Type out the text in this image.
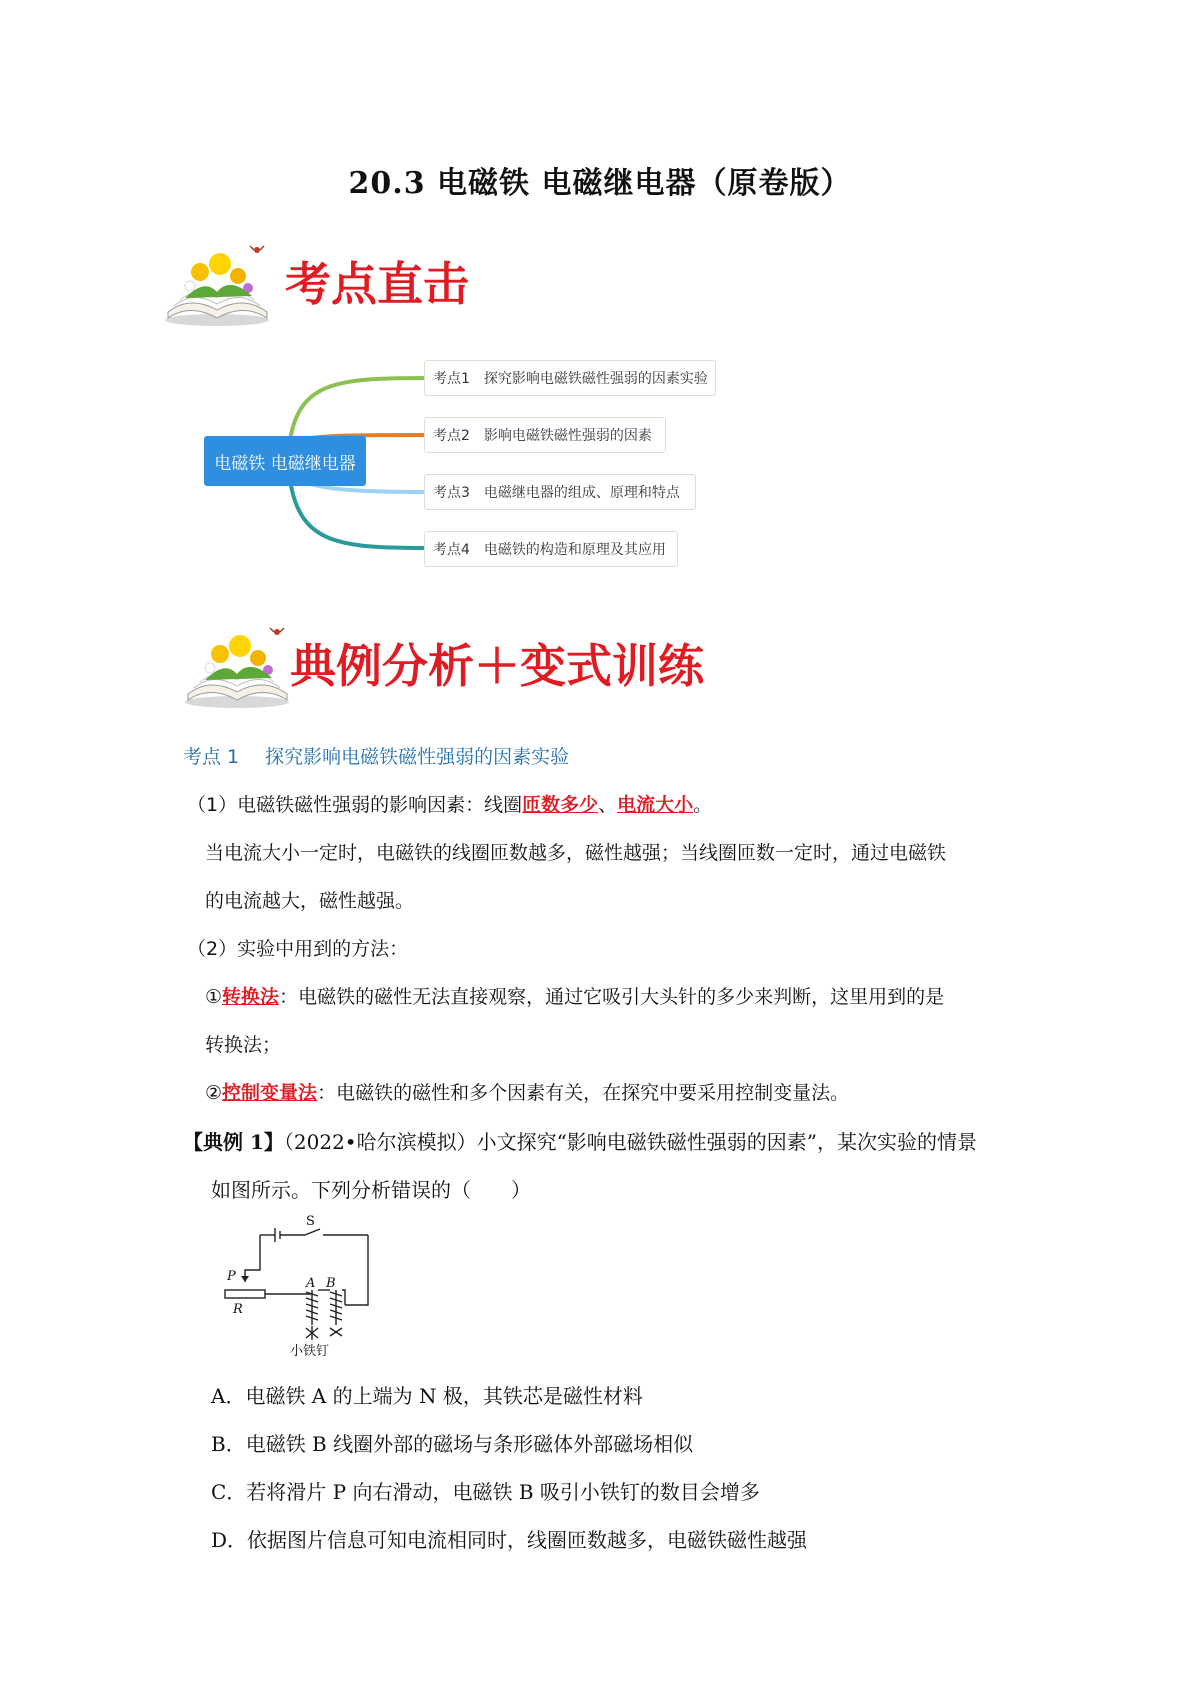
20.3 电磁铁 电磁继电器（原卷版）
考点直击
电磁铁 电磁继电器
考点1 探究影响电磁铁磁性强弱的因素实验
考点2 影响电磁铁磁性强弱的因素
考点3 电磁继电器的组成、原理和特点
考点4 电磁铁的构造和原理及其应用
典例分析＋变式训练
考点 1 探究影响电磁铁磁性强弱的因素实验
（1）电磁铁磁性强弱的影响因素：线圈匝数多少、电流大小。
当电流大小一定时，电磁铁的线圈匝数越多，磁性越强；当线圈匝数一定时，通过电磁铁
的电流越大，磁性越强。
（2）实验中用到的方法：
①转换法：电磁铁的磁性无法直接观察，通过它吸引大头针的多少来判断，这里用到的是
转换法；
②控制变量法：电磁铁的磁性和多个因素有关，在探究中要采用控制变量法。
【典例 1】（2022•哈尔滨模拟）小文探究“影响电磁铁磁性强弱的因素”，某次实验的情景
如图所示。下列分析错误的（　　）
S
P
R
A B
小铁钉
A．电磁铁 A 的上端为 N 极，其铁芯是磁性材料
B．电磁铁 B 线圈外部的磁场与条形磁体外部磁场相似
C．若将滑片 P 向右滑动，电磁铁 B 吸引小铁钉的数目会增多
D．依据图片信息可知电流相同时，线圈匝数越多，电磁铁磁性越强
